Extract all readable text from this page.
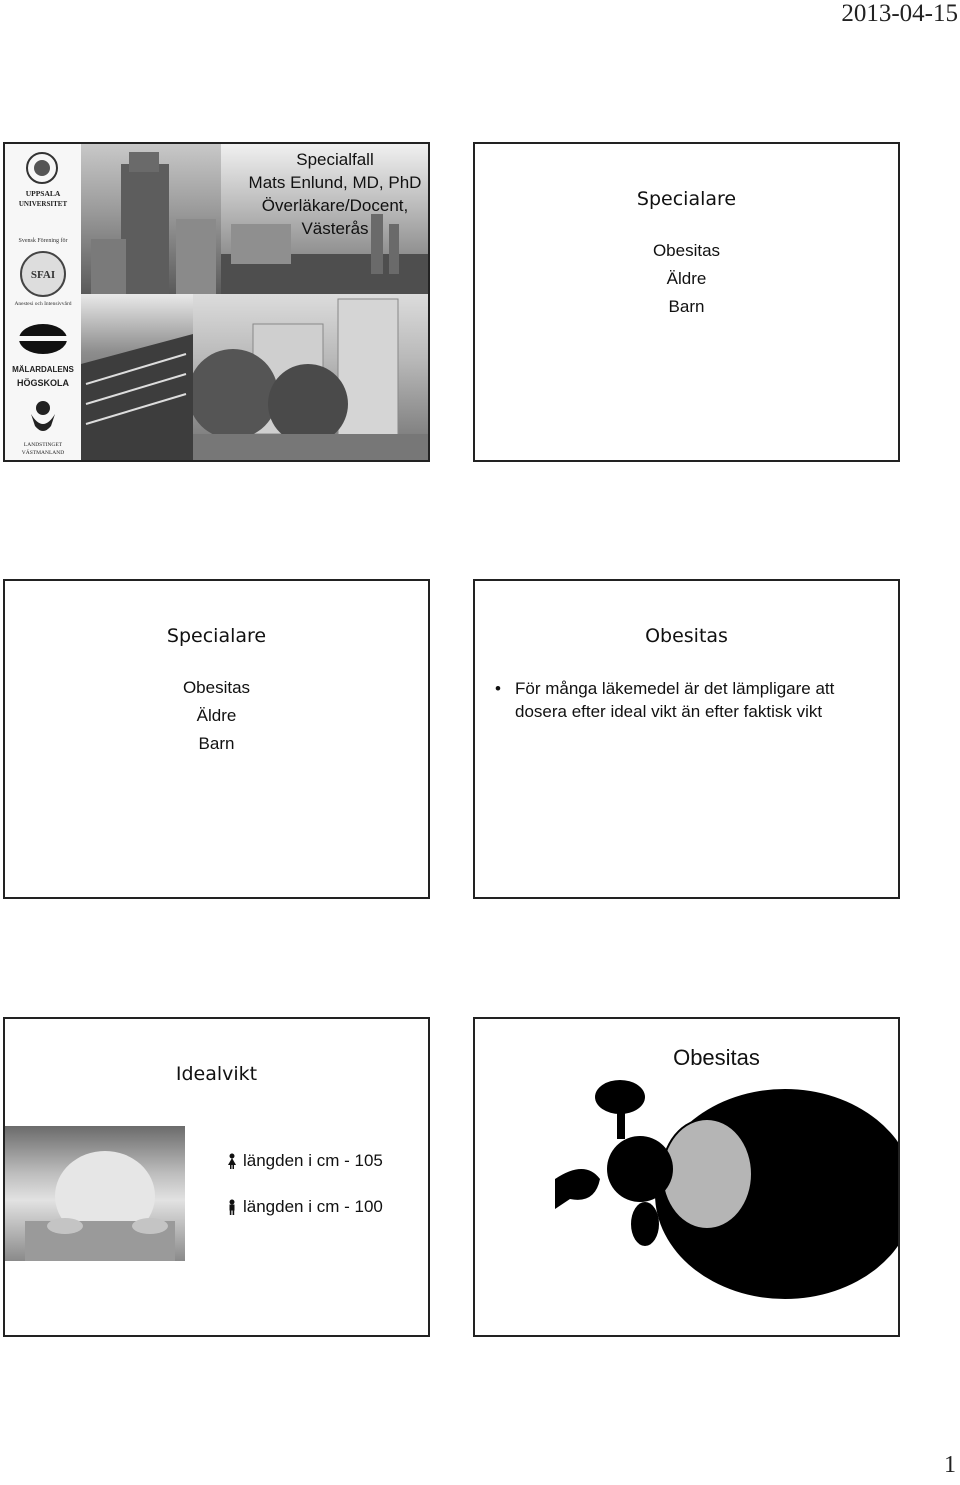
2013-04-15
UPPSALA
UNIVERSITET
Svensk Förening för
SFAI
Anestesi och Intensivvård
MÄLARDALENS
HÖGSKOLA
LANDSTINGET
VÄSTMANLAND
Specialfall
Mats Enlund, MD, PhD
Överläkare/Docent,
Västerås
Specialare
Obesitas
Äldre
Barn
Specialare
Obesitas
Äldre
Barn
Obesitas
• För många läkemedel är det lämpligare att dosera efter ideal vikt än efter faktisk vikt
Idealvikt
längden i cm - 105
längden i cm - 100
Obesitas
1
